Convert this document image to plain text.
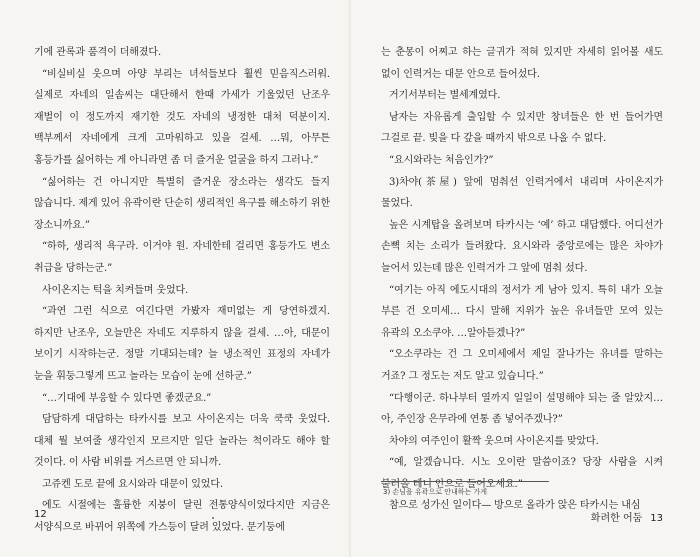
기에 관록과 품격이 더해졌다.

“비실비실 웃으며 아양 부리는 녀석들보다 훨씬 믿음직스러워. 실제로 자네의 일솜씨는 대단해서 한때 가세가 기울었던 난조우 재벌이 이 정도까지 재기한 것도 자네의 냉정한 대처 덕분이지. 백부께서 자네에게 크게 고마워하고 있을 걸세. …뭐, 아무튼 홍등가를 싫어하는 게 아니라면 좀 더 즐거운 얼굴을 하지 그러나.”

“싫어하는 건 아니지만 특별히 즐거운 장소라는 생각도 들지 않습니다. 제게 있어 유곽이란 단순히 생리적인 욕구를 해소하기 위한 장소니까요.”

“하하, 생리적 욕구라. 이거야 원. 자네한테 걸리면 홍등가도 변소 취급을 당하는군.”

사이온지는 턱을 치켜들며 웃었다.

“과연 그런 식으로 여긴다면 가봤자 재미없는 게 당연하겠지. 하지만 난조우, 오늘만은 자네도 지루하지 않을 걸세. …아, 대문이 보이기 시작하는군. 정말 기대되는데? 늘 냉소적인 표정의 자네가 눈을 휘둥그렇게 뜨고 놀라는 모습이 눈에 선하군.”

“…기대에 부응할 수 있다면 좋겠군요.”

담담하게 대답하는 타카시를 보고 사이온지는 더욱 쿡쿡 웃었다. 대체 뭘 보여줄 생각인지 모르지만 일단 놀라는 척이라도 해야 할 것이다. 이 사람 비위를 거스르면 안 되니까.

고쥬켄 도로 끝에 요시와라 대문이 있었다.

에도 시절에는 훌륭한 지붕이 달린 전통양식이었다지만 지금은 서양식으로 바뀌어 위쪽에 가스등이 달려 있었다. 문기둥에

는 춘몽이 어찌고 하는 글귀가 적혀 있지만 자세히 읽어볼 새도 없이 인력거는 대문 안으로 들어섰다.

거기서부터는 별세계였다.

남자는 자유롭게 출입할 수 있지만 창녀들은 한 번 들어가면 그걸로 끝. 빚을 다 갚을 때까지 밖으로 나올 수 없다.

“요시와라는 처음인가?”

3)차야(茶屋) 앞에 멈춰선 인력거에서 내리며 사이온지가 물었다.

높은 시계탑을 올려보며 타카시는 ‘예’ 하고 대답했다. 어디선가 손뼉 치는 소리가 들려왔다. 요시와라 중앙로에는 많은 차야가 늘어서 있는데 많은 인력거가 그 앞에 멈춰 섰다.

“여기는 아직 에도시대의 정서가 게 남아 있지. 특히 내가 오늘 부른 건 오미세… 다시 말해 지위가 높은 유녀들만 모여 있는 유곽의 오소쿠야. …알아듣겠나?”

“오소쿠라는 건 그 오미세에서 제일 잘나가는 유녀를 말하는 거죠? 그 정도는 저도 알고 있습니다.”

“다행이군. 하나부터 열까지 일일이 설명해야 되는 줄 알았지… 아, 주인장 은무라에 연통 좀 넣어주겠나?”

차야의 여주인이 활짝 웃으며 사이온지를 맞았다.

“예, 알겠습니다. 시노 오이란 말씀이죠? 당장 사람을 시켜 불러올 테니 안으로 들어오세요.”

참으로 성가신 일이다— 방으로 올라가 앉은 타카시는 내심

3) 손님을 유곽으로 안내하는 가게
12	화려한 어둠 13
